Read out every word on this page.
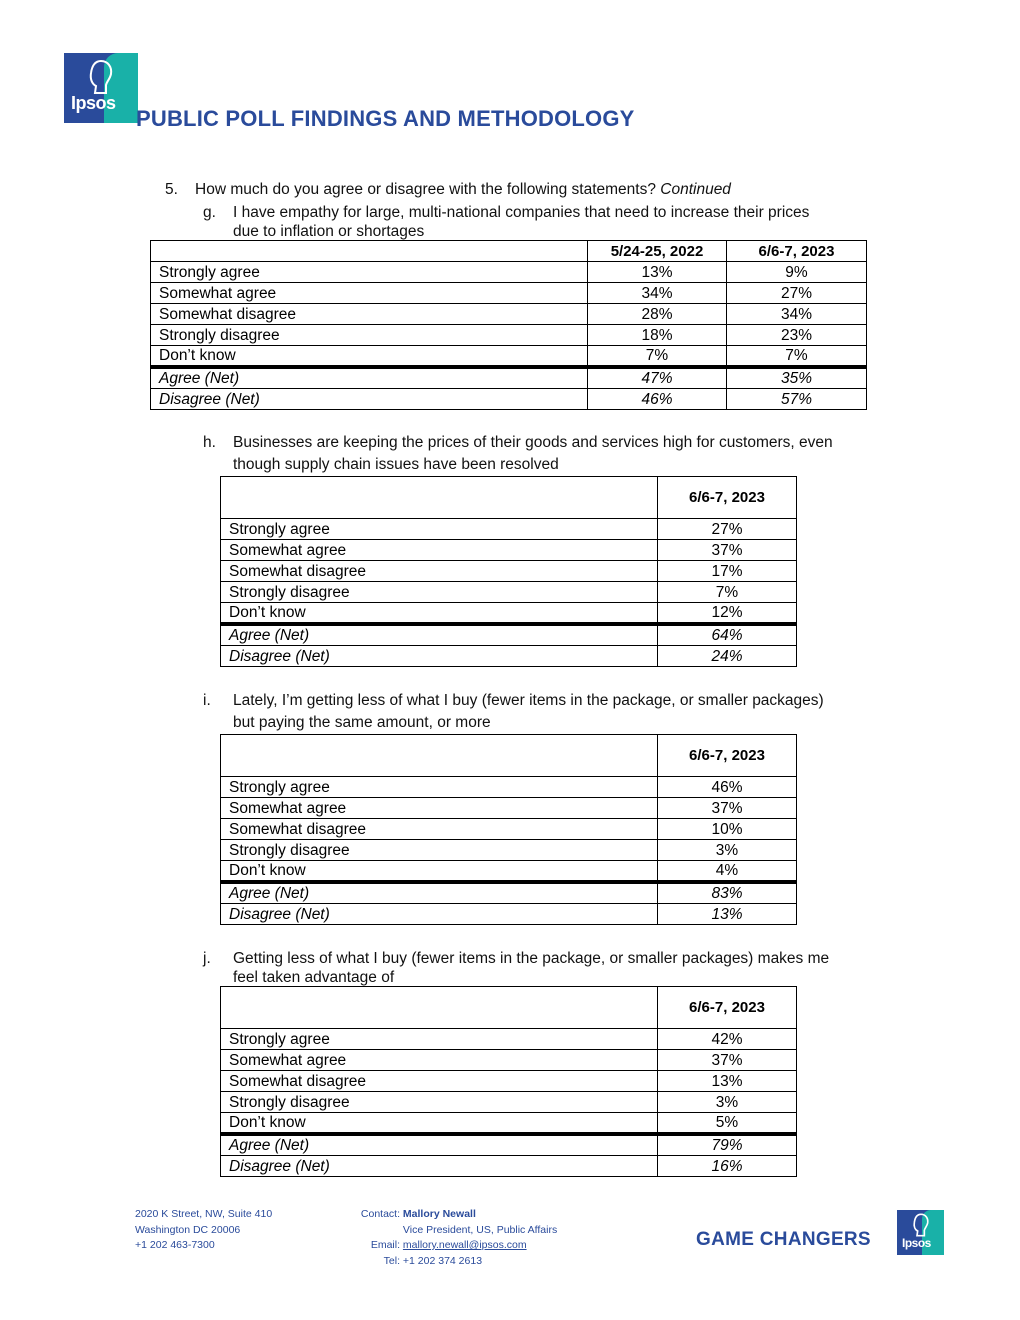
Ipsos
PUBLIC POLL FINDINGS AND METHODOLOGY
5. How much do you agree or disagree with the following statements? Continued
g. I have empathy for large, multi-national companies that need to increase their prices
due to inflation or shortages
	5/24-25, 2022	6/6-7, 2023
Strongly agree	13%	9%
Somewhat agree	34%	27%
Somewhat disagree	28%	34%
Strongly disagree	18%	23%
Don’t know	7%	7%
Agree (Net)	47%	35%
Disagree (Net)	46%	57%
h. Businesses are keeping the prices of their goods and services high for customers, even
though supply chain issues have been resolved
	6/6-7, 2023
Strongly agree	27%
Somewhat agree	37%
Somewhat disagree	17%
Strongly disagree	7%
Don’t know	12%
Agree (Net)	64%
Disagree (Net)	24%
i. Lately, I’m getting less of what I buy (fewer items in the package, or smaller packages)
but paying the same amount, or more
	6/6-7, 2023
Strongly agree	46%
Somewhat agree	37%
Somewhat disagree	10%
Strongly disagree	3%
Don’t know	4%
Agree (Net)	83%
Disagree (Net)	13%
j. Getting less of what I buy (fewer items in the package, or smaller packages) makes me
feel taken advantage of
	6/6-7, 2023
Strongly agree	42%
Somewhat agree	37%
Somewhat disagree	13%
Strongly disagree	3%
Don’t know	5%
Agree (Net)	79%
Disagree (Net)	16%
2020 K Street, NW, Suite 410
Washington DC 20006
+1 202 463-7300
Contact: Mallory Newall
Vice President, US, Public Affairs
Email: mallory.newall@ipsos.com
Tel: +1 202 374 2613
GAME CHANGERS	Ipsos
